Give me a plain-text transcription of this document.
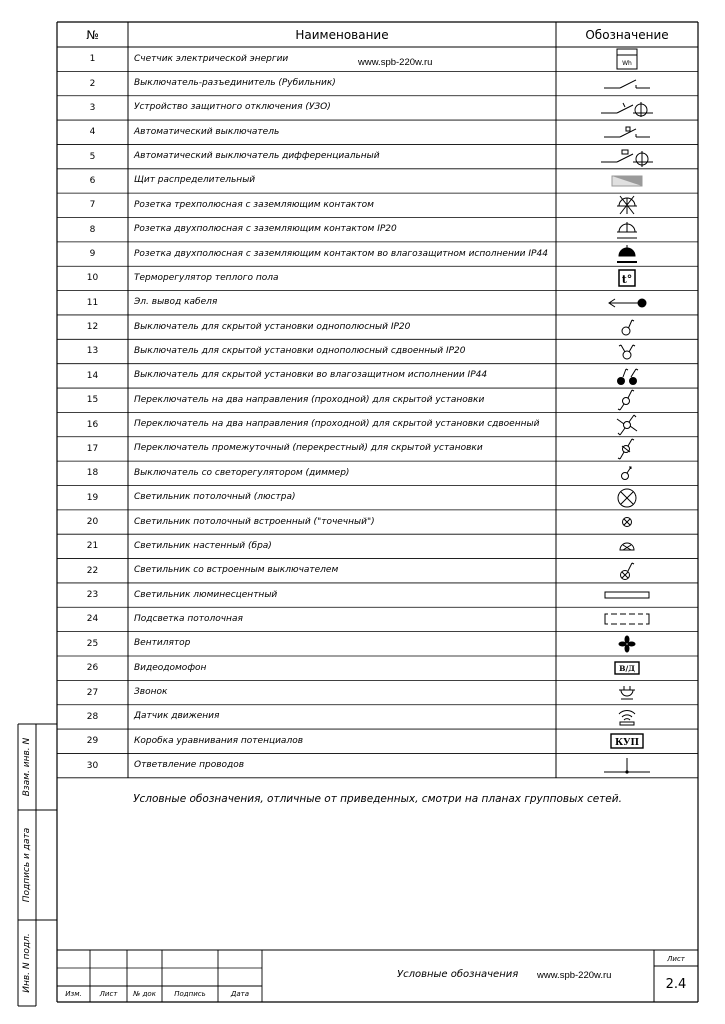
№	Наименование	Обозначение
1	Счетчик электрической энергии	Wh
2	Выключатель-разъединитель (Рубильник)
3	Устройство защитного отключения (УЗО)
4	Автоматический выключатель
5	Автоматический выключатель дифференциальный
6	Щит распределительный
7	Розетка трехполюсная с заземляющим контактом
8	Розетка двухполюсная с заземляющим контактом IP20
9	Розетка двухполюсная с заземляющим контактом во влагозащитном исполнении IP44
10	Терморегулятор теплого пола	t°
11	Эл. вывод кабеля
12	Выключатель для скрытой установки однополюсный IP20
13	Выключатель для скрытой установки однополюсный сдвоенный IP20
14	Выключатель для скрытой установки во влагозащитном исполнении IP44
15	Переключатель на два направления (проходной) для скрытой установки
16	Переключатель на два направления (проходной) для скрытой установки сдвоенный
17	Переключатель промежуточный (перекрестный) для скрытой установки
18	Выключатель со светорегулятором (диммер)
19	Светильник потолочный (люстра)
20	Светильник потолочный встроенный ("точечный")
21	Светильник настенный (бра)
22	Светильник со встроенным выключателем
23	Светильник люминесцентный
24	Подсветка потолочная
25	Вентилятор
26	Видеодомофон	В/Д
27	Звонок
28	Датчик движения
29	Коробка уравнивания потенциалов	КУП
30	Ответвление проводов
www.spb-220w.ru
Условные обозначения, отличные от приведенных, смотри на планах групповых сетей.
Взам. инв. N
Подпись и дата
Инв. N подл.
Изм.	Лист	№ док	Подпись	Дата
Лист
2.4
Условные обозначения	www.spb-220w.ru
